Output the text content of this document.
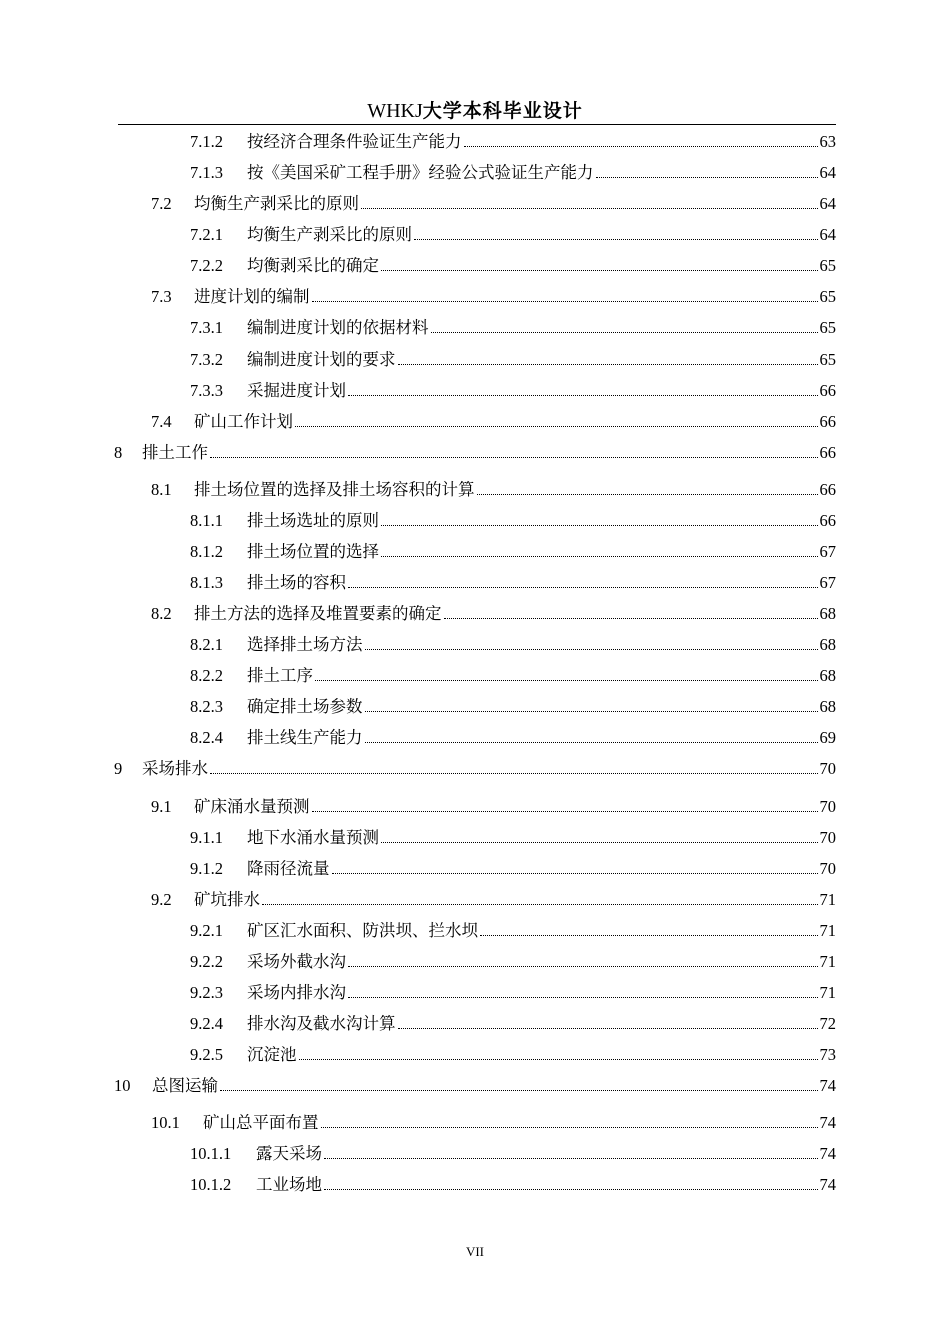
WHKJ大学本科毕业设计
7.1.2	按经济合理条件验证生产能力	63
7.1.3	按《美国采矿工程手册》经验公式验证生产能力	64
7.2	均衡生产剥采比的原则	64
7.2.1	均衡生产剥采比的原则	64
7.2.2	均衡剥采比的确定	65
7.3	进度计划的编制	65
7.3.1	编制进度计划的依据材料	65
7.3.2	编制进度计划的要求	65
7.3.3	采掘进度计划	66
7.4	矿山工作计划	66
8	排土工作	66
8.1	排土场位置的选择及排土场容积的计算	66
8.1.1	排土场选址的原则	66
8.1.2	排土场位置的选择	67
8.1.3	排土场的容积	67
8.2	排土方法的选择及堆置要素的确定	68
8.2.1	选择排土场方法	68
8.2.2	排土工序	68
8.2.3	确定排土场参数	68
8.2.4	排土线生产能力	69
9	采场排水	70
9.1	矿床涌水量预测	70
9.1.1	地下水涌水量预测	70
9.1.2	降雨径流量	70
9.2	矿坑排水	71
9.2.1	矿区汇水面积、防洪坝、拦水坝	71
9.2.2	采场外截水沟	71
9.2.3	采场内排水沟	71
9.2.4	排水沟及截水沟计算	72
9.2.5	沉淀池	73
10	总图运输	74
10.1	矿山总平面布置	74
10.1.1	露天采场	74
10.1.2	工业场地	74
VII
